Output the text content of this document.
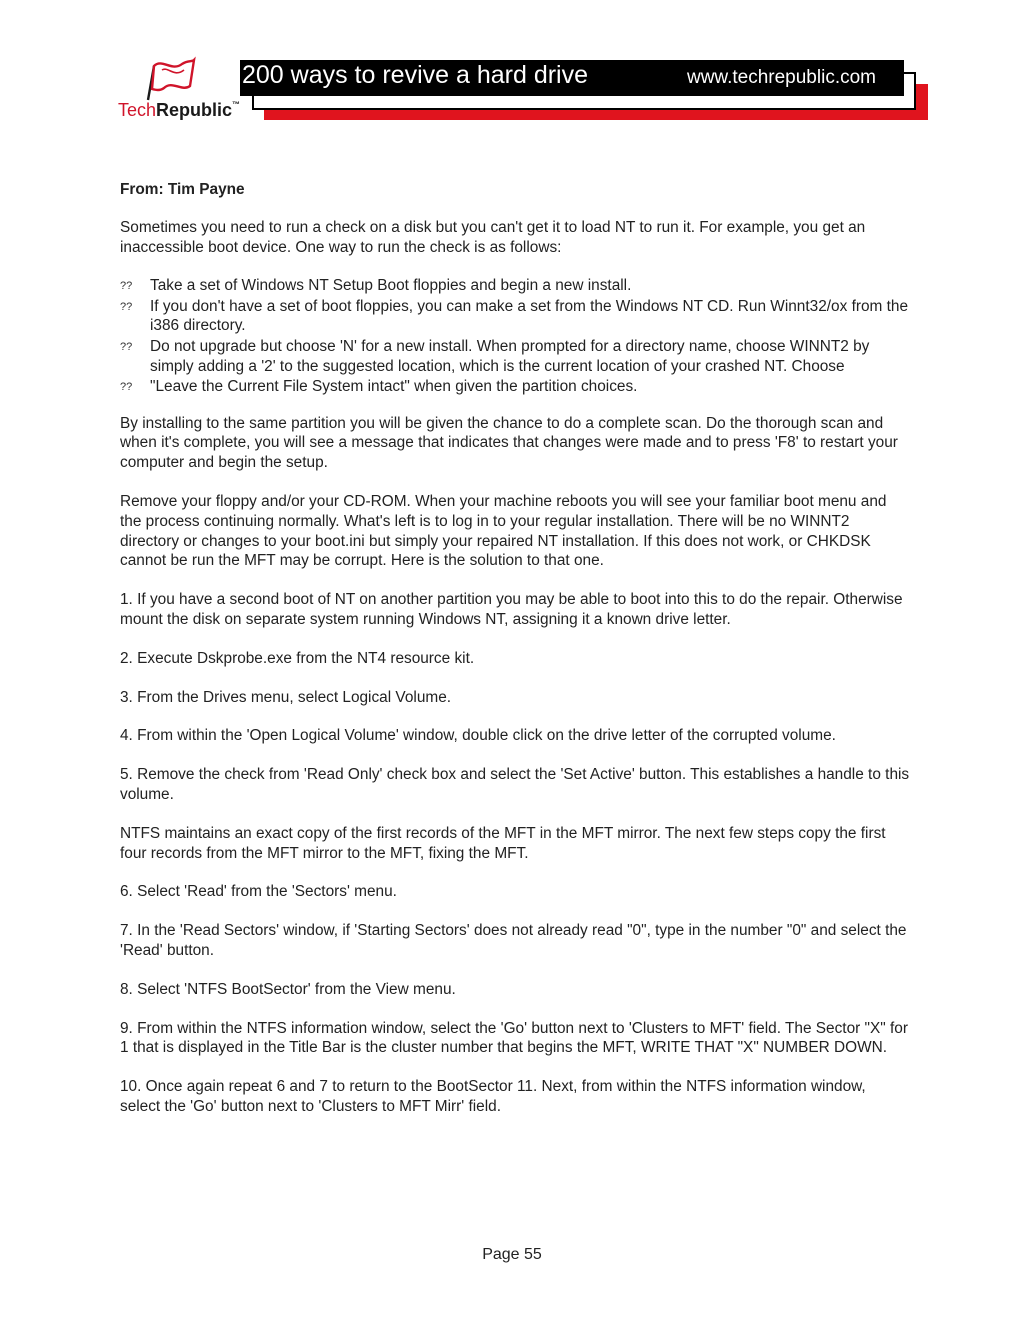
TechRepublic™
200 ways to revive a hard drive	www.techrepublic.com

From: Tim Payne

Sometimes you need to run a check on a disk but you can't get it to load NT to run it. For example, you get an inaccessible boot device. One way to run the check is as follows:

?? Take a set of Windows NT Setup Boot floppies and begin a new install.
?? If you don't have a set of boot floppies, you can make a set from the Windows NT CD. Run Winnt32/ox from the i386 directory.
?? Do not upgrade but choose 'N' for a new install. When prompted for a directory name, choose WINNT2 by simply adding a '2' to the suggested location, which is the current location of your crashed NT. Choose
?? "Leave the Current File System intact" when given the partition choices.

By installing to the same partition you will be given the chance to do a complete scan. Do the thorough scan and when it's complete, you will see a message that indicates that changes were made and to press 'F8' to restart your computer and begin the setup.

Remove your floppy and/or your CD-ROM. When your machine reboots you will see your familiar boot menu and the process continuing normally. What's left is to log in to your regular installation. There will be no WINNT2 directory or changes to your boot.ini but simply your repaired NT installation. If this does not work, or CHKDSK cannot be run the MFT may be corrupt. Here is the solution to that one.

1. If you have a second boot of NT on another partition you may be able to boot into this to do the repair. Otherwise mount the disk on separate system running Windows NT, assigning it a known drive letter.

2. Execute Dskprobe.exe from the NT4 resource kit.

3. From the Drives menu, select Logical Volume.

4. From within the 'Open Logical Volume' window, double click on the drive letter of the corrupted volume.

5. Remove the check from 'Read Only' check box and select the 'Set Active' button. This establishes a handle to this volume.

NTFS maintains an exact copy of the first records of the MFT in the MFT mirror. The next few steps copy the first four records from the MFT mirror to the MFT, fixing the MFT.

6. Select 'Read' from the 'Sectors' menu.

7. In the 'Read Sectors' window, if 'Starting Sectors' does not already read "0", type in the number "0" and select the 'Read' button.

8. Select 'NTFS BootSector' from the View menu.

9. From within the NTFS information window, select the 'Go' button next to 'Clusters to MFT' field. The Sector "X" for 1 that is displayed in the Title Bar is the cluster number that begins the MFT, WRITE THAT "X" NUMBER DOWN.

10. Once again repeat 6 and 7 to return to the BootSector 11. Next, from within the NTFS information window, select the 'Go' button next to 'Clusters to MFT Mirr' field.

Page 55
